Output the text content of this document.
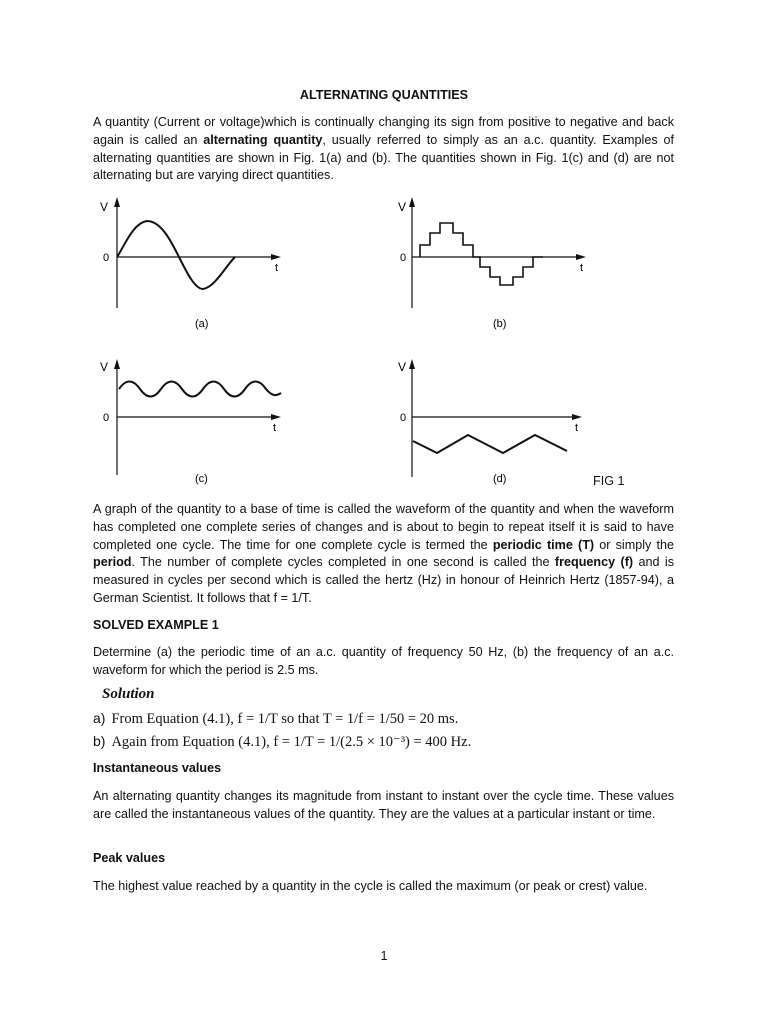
ALTERNATING QUANTITIES

A quantity (Current or voltage)which is continually changing its sign from positive to negative and back again is called an alternating quantity, usually referred to simply as an a.c. quantity. Examples of alternating quantities are shown in Fig. 1(a) and (b). The quantities shown in Fig. 1(c) and (d) are not alternating but are varying direct quantities.

V
0
t
(a)
V
0
t
(b)
V
0
t
(c)
V
0
t
(d)	FIG 1

A graph of the quantity to a base of time is called the waveform of the quantity and when the waveform has completed one complete series of changes and is about to begin to repeat itself it is said to have completed one cycle. The time for one complete cycle is termed the periodic time (T) or simply the period. The number of complete cycles completed in one second is called the frequency (f) and is measured in cycles per second which is called the hertz (Hz) in honour of Heinrich Hertz (1857-94), a German Scientist. It follows that f = 1/T.

SOLVED EXAMPLE 1

Determine (a) the periodic time of an a.c. quantity of frequency 50 Hz, (b) the frequency of an a.c. waveform for which the period is 2.5 ms.

Solution

a) From Equation (4.1), f = 1/T so that T = 1/f = 1/50 = 20 ms.

b) Again from Equation (4.1), f = 1/T = 1/(2.5 × 10⁻³) = 400 Hz.

Instantaneous values

An alternating quantity changes its magnitude from instant to instant over the cycle time. These values are called the instantaneous values of the quantity. They are the values at a particular instant or time.

Peak values

The highest value reached by a quantity in the cycle is called the maximum (or peak or crest) value.

1
